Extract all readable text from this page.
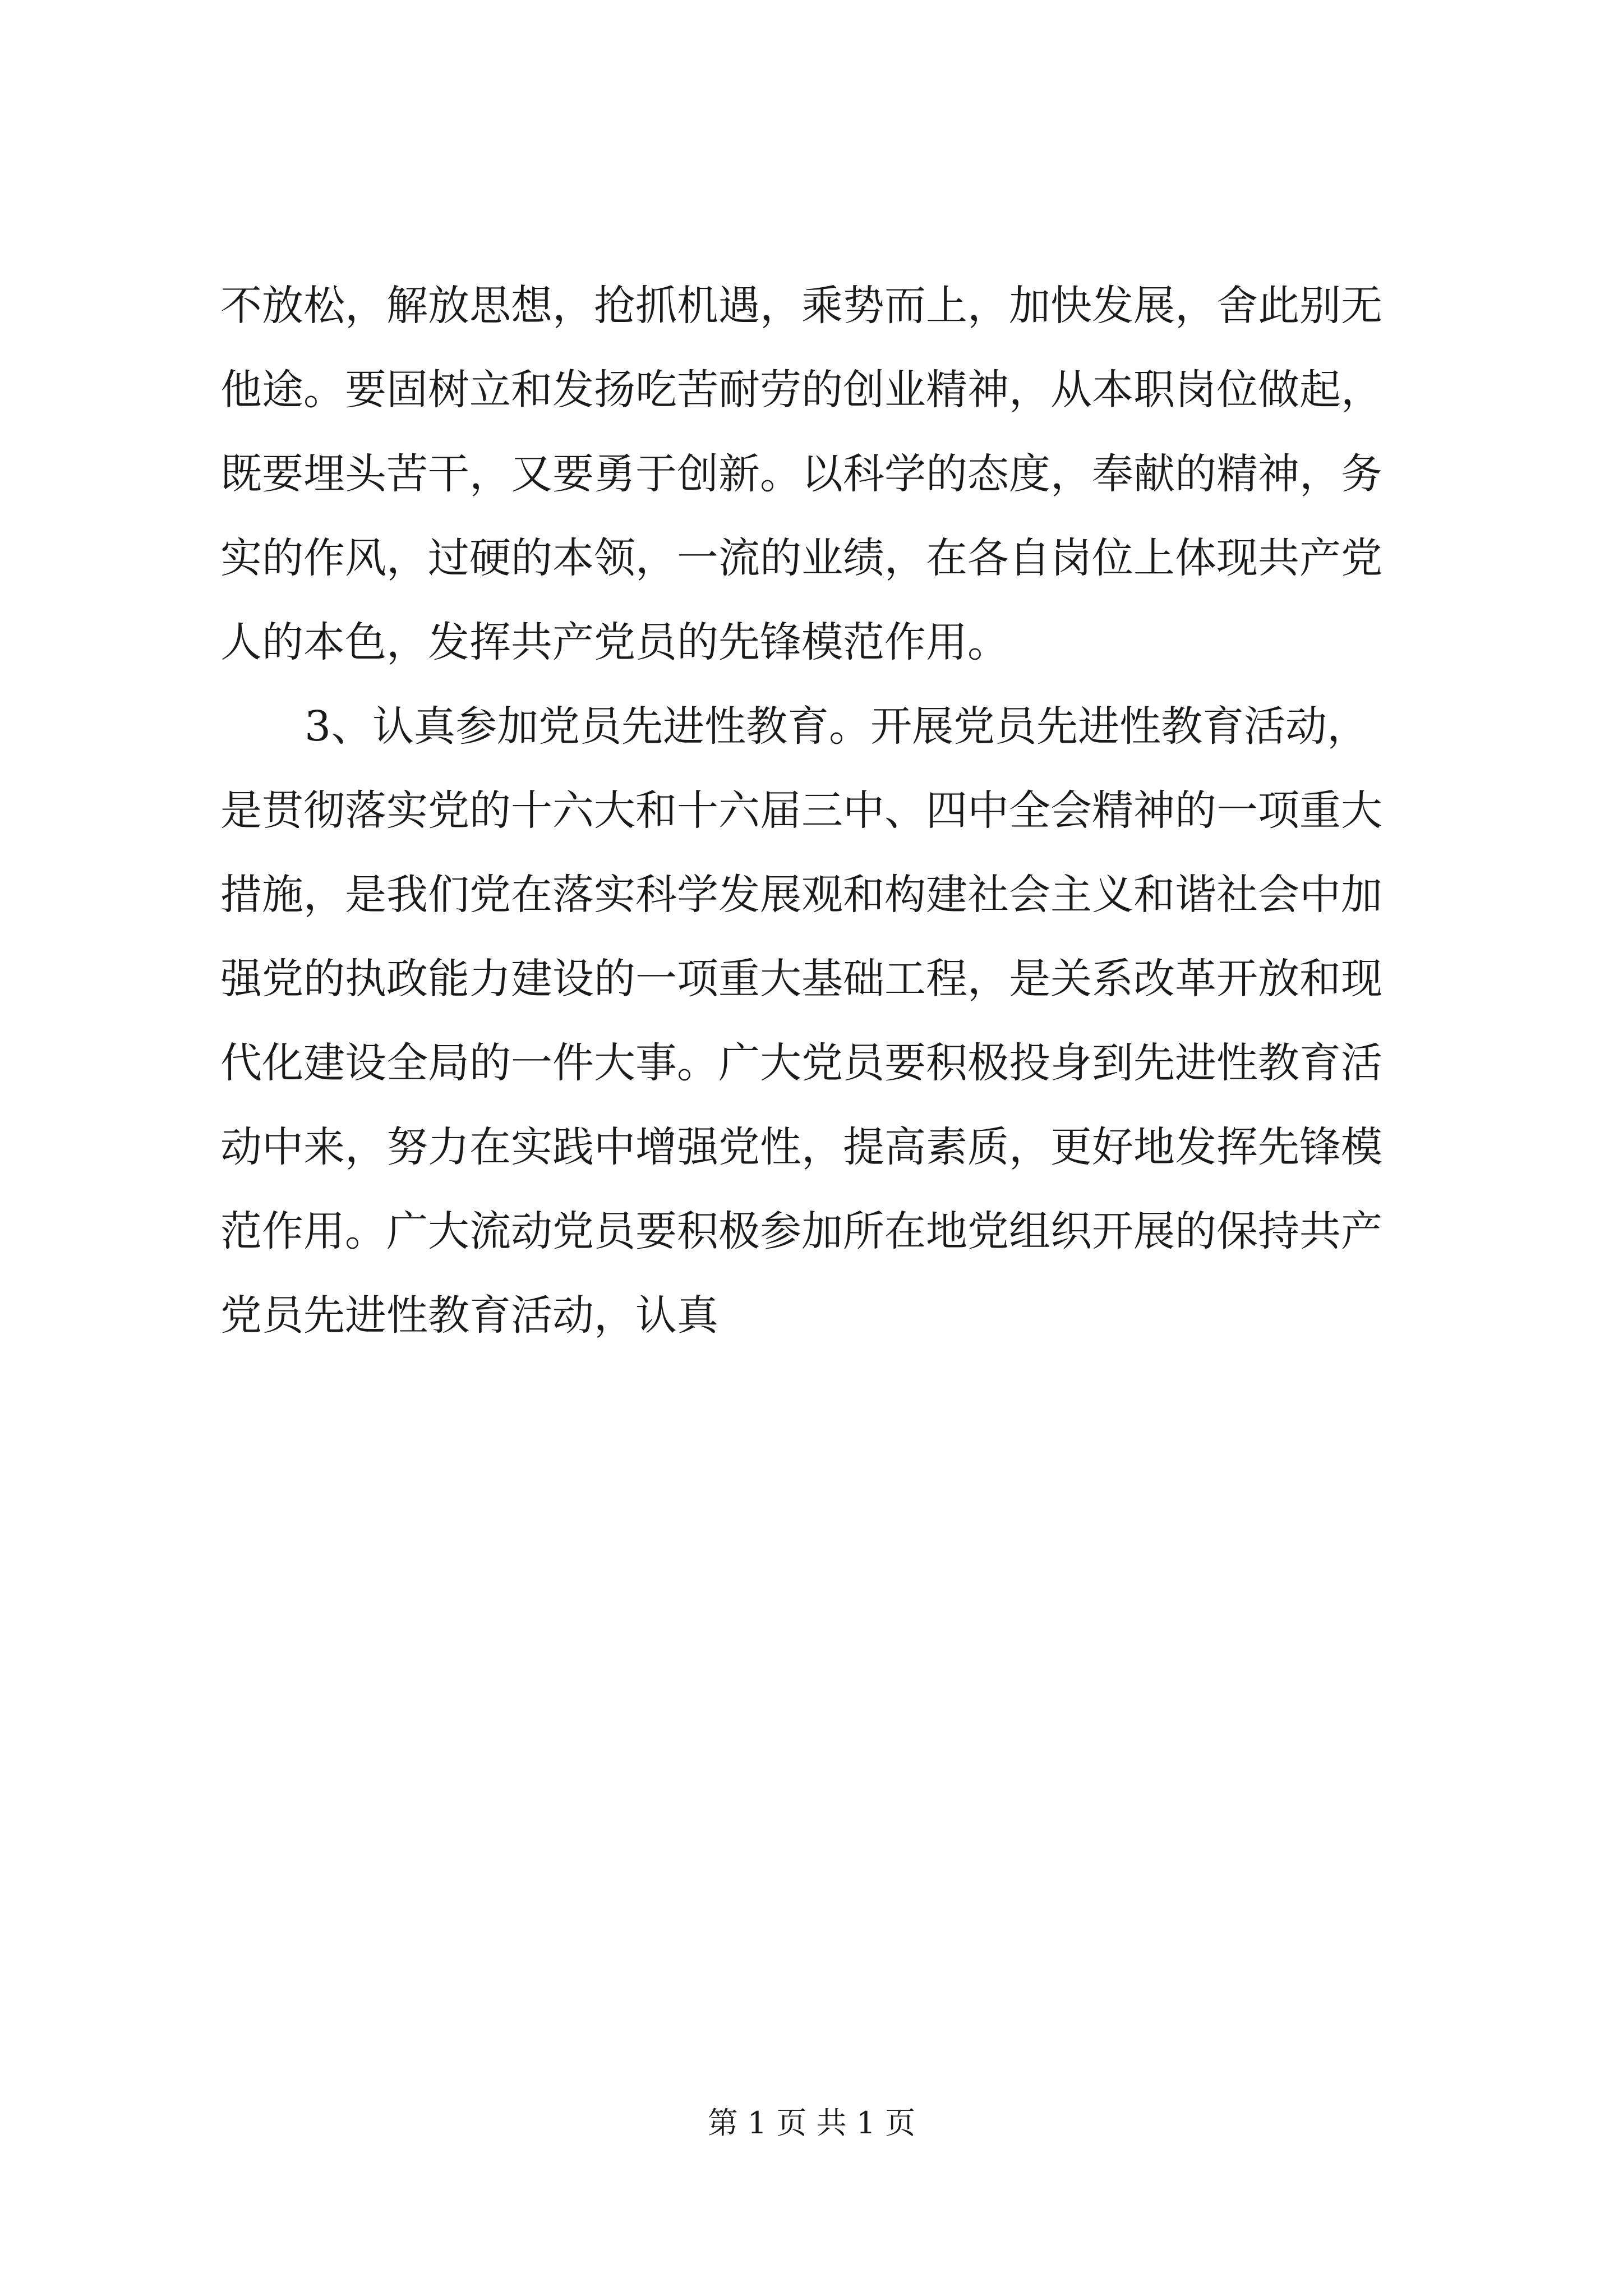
不放松，解放思想，抢抓机遇，乘势而上，加快发展，舍此别无
他途。要固树立和发扬吃苦耐劳的创业精神，从本职岗位做起，
既要埋头苦干，又要勇于创新。以科学的态度，奉献的精神，务
实的作风，过硬的本领，一流的业绩，在各自岗位上体现共产党
人的本色，发挥共产党员的先锋模范作用。
3、认真参加党员先进性教育。开展党员先进性教育活动，
是贯彻落实党的十六大和十六届三中、四中全会精神的一项重大
措施，是我们党在落实科学发展观和构建社会主义和谐社会中加
强党的执政能力建设的一项重大基础工程，是关系改革开放和现
代化建设全局的一件大事。广大党员要积极投身到先进性教育活
动中来，努力在实践中增强党性，提高素质，更好地发挥先锋模
范作用。广大流动党员要积极参加所在地党组织开展的保持共产
党员先进性教育活动，认真
第 1 页 共 1 页
